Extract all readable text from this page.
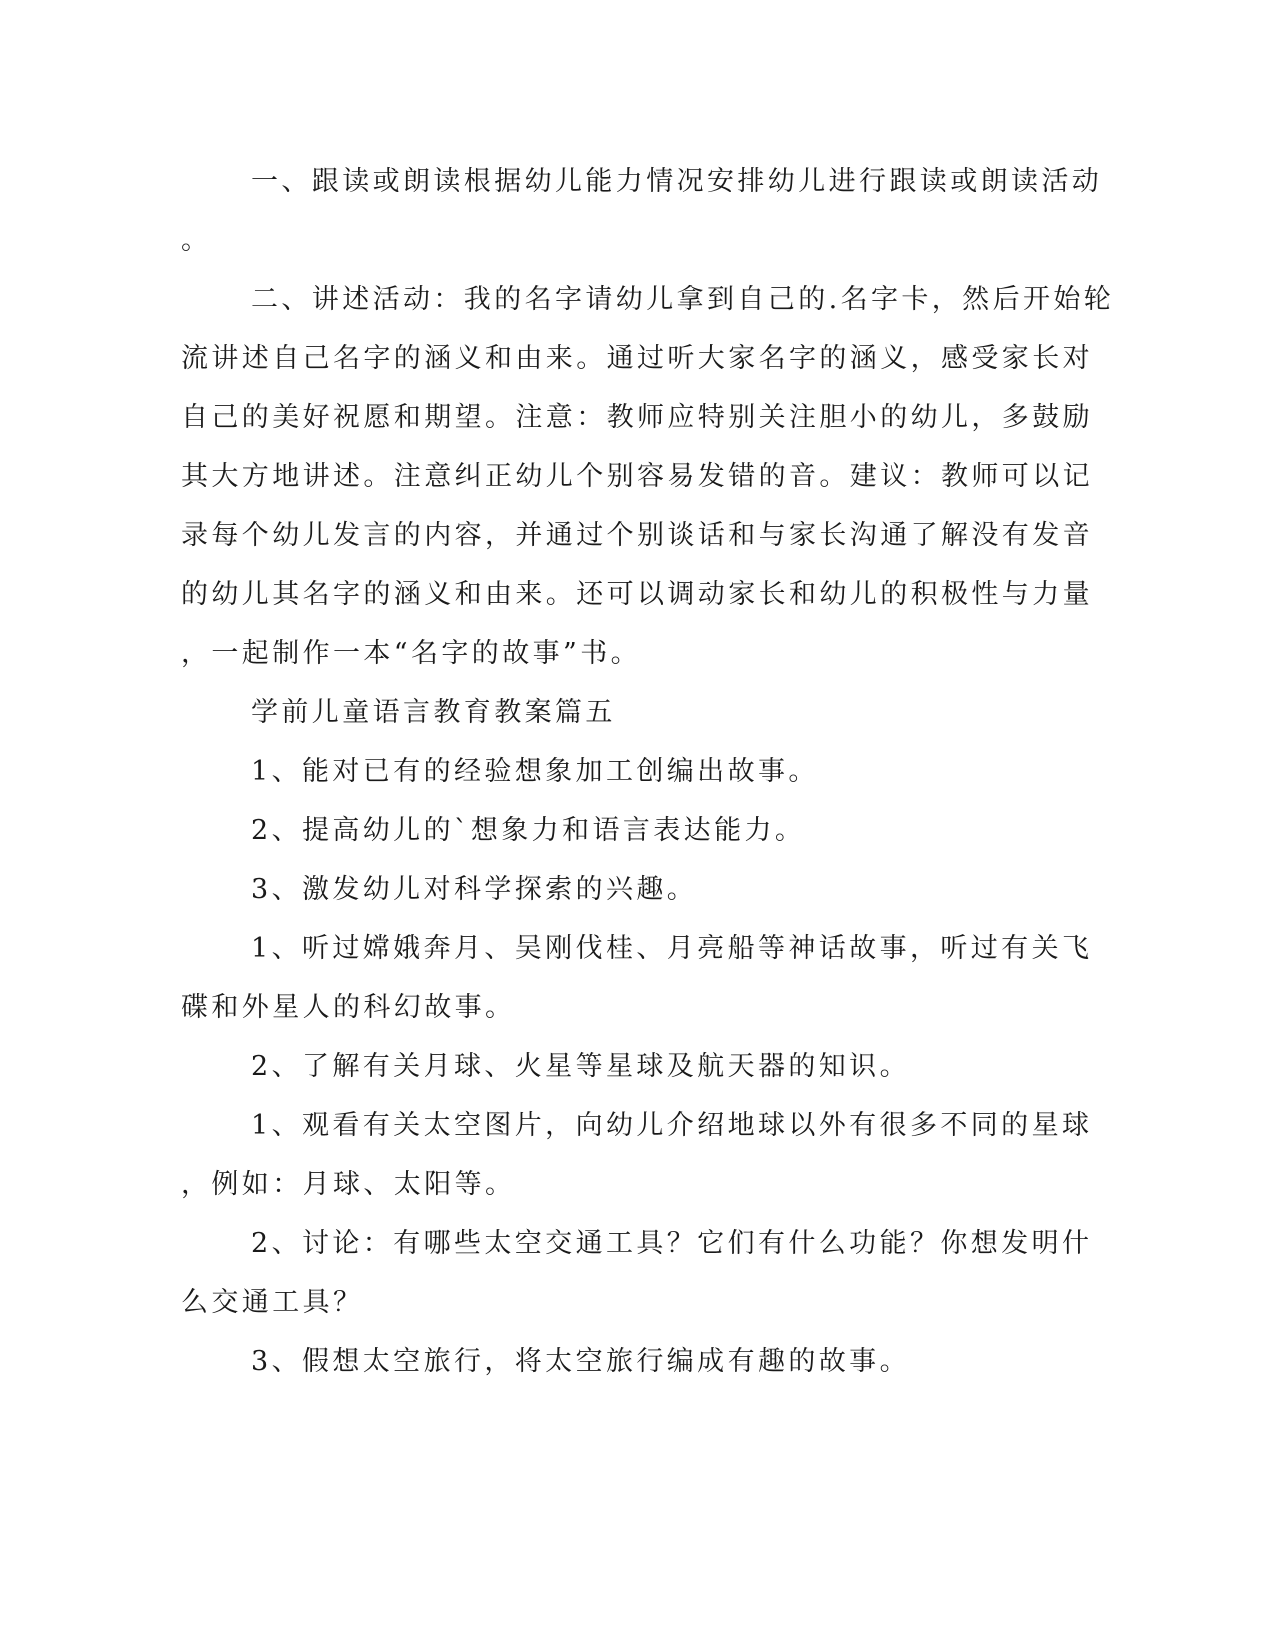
一、跟读或朗读根据幼儿能力情况安排幼儿进行跟读或朗读活动
。
二、讲述活动：我的名字请幼儿拿到自己的.名字卡，然后开始轮
流讲述自己名字的涵义和由来。通过听大家名字的涵义，感受家长对
自己的美好祝愿和期望。注意：教师应特别关注胆小的幼儿，多鼓励
其大方地讲述。注意纠正幼儿个别容易发错的音。建议：教师可以记
录每个幼儿发言的内容，并通过个别谈话和与家长沟通了解没有发音
的幼儿其名字的涵义和由来。还可以调动家长和幼儿的积极性与力量
，一起制作一本“名字的故事”书。
学前儿童语言教育教案篇五
1、能对已有的经验想象加工创编出故事。
2、提高幼儿的`想象力和语言表达能力。
3、激发幼儿对科学探索的兴趣。
1、听过嫦娥奔月、吴刚伐桂、月亮船等神话故事，听过有关飞
碟和外星人的科幻故事。
2、了解有关月球、火星等星球及航天器的知识。
1、观看有关太空图片，向幼儿介绍地球以外有很多不同的星球
，例如：月球、太阳等。
2、讨论：有哪些太空交通工具？它们有什么功能？你想发明什
么交通工具？
3、假想太空旅行，将太空旅行编成有趣的故事。
